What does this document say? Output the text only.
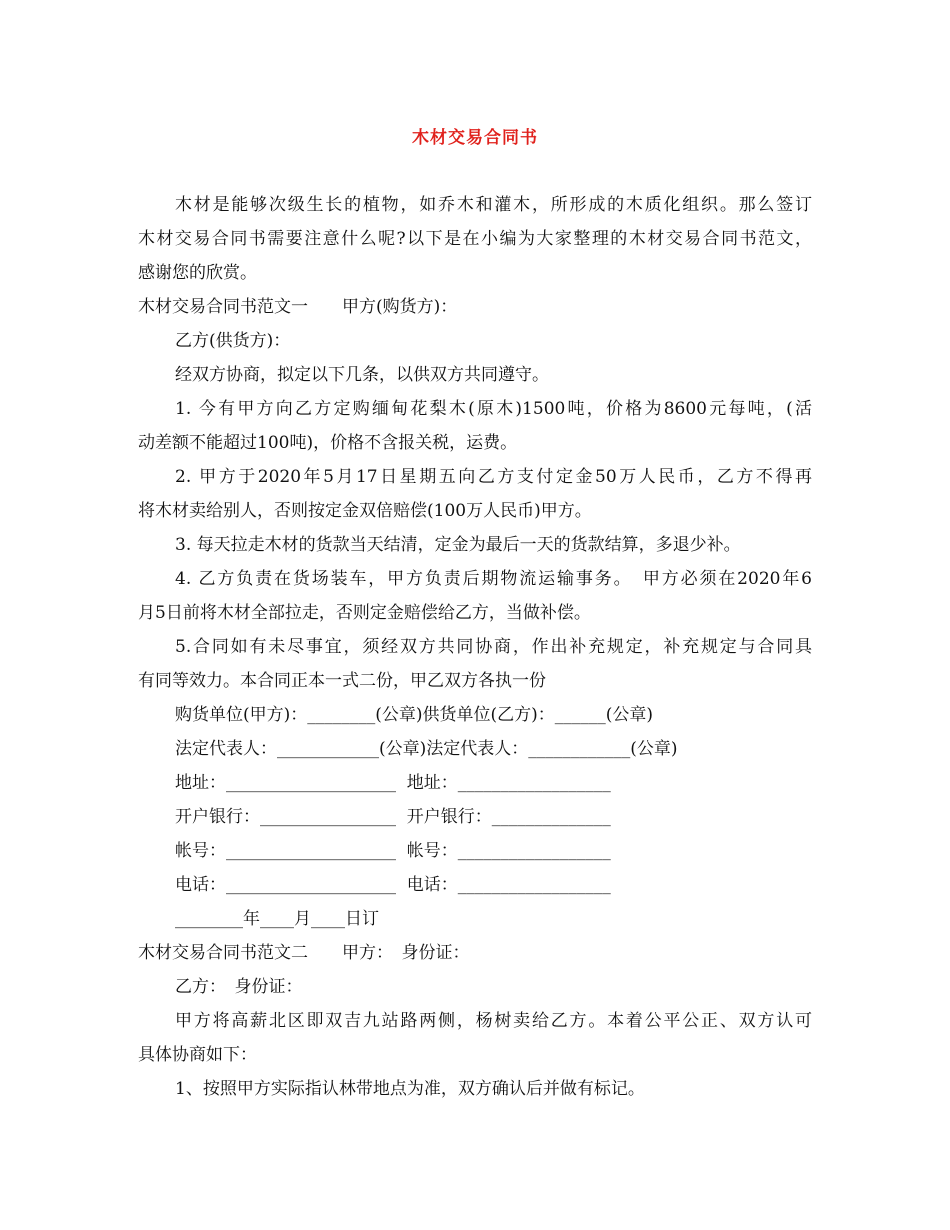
木材交易合同书
木材是能够次级生长的植物，如乔木和灌木，所形成的木质化组织。那么签订
木材交易合同书需要注意什么呢?以下是在小编为大家整理的木材交易合同书范文，
感谢您的欣赏。
木材交易合同书范文一　　甲方(购货方)：
乙方(供货方)：
经双方协商，拟定以下几条，以供双方共同遵守。
1. 今有甲方向乙方定购缅甸花梨木(原木)1500吨，价格为8600元每吨，(活
动差额不能超过100吨)，价格不含报关税，运费。
2. 甲方于2020年5月17日星期五向乙方支付定金50万人民币，乙方不得再
将木材卖给别人，否则按定金双倍赔偿(100万人民币)甲方。
3. 每天拉走木材的货款当天结清，定金为最后一天的货款结算，多退少补。
4. 乙方负责在货场装车，甲方负责后期物流运输事务。　甲方必须在2020年6
月5日前将木材全部拉走，否则定金赔偿给乙方，当做补偿。
5.合同如有未尽事宜，须经双方共同协商，作出补充规定，补充规定与合同具
有同等效力。本合同正本一式二份，甲乙双方各执一份
购货单位(甲方)：________(公章)供货单位(乙方)：______(公章)
法定代表人：____________(公章)法定代表人：____________(公章)
地址：____________________  地址：__________________
开户银行：________________  开户银行：______________
帐号：____________________  帐号：__________________
电话：____________________  电话：__________________
________年____月____日订
木材交易合同书范文二　　甲方：　身份证：
乙方：　身份证：
甲方将高薪北区即双吉九站路两侧，杨树卖给乙方。本着公平公正、双方认可
具体协商如下：
1、按照甲方实际指认林带地点为准，双方确认后并做有标记。
